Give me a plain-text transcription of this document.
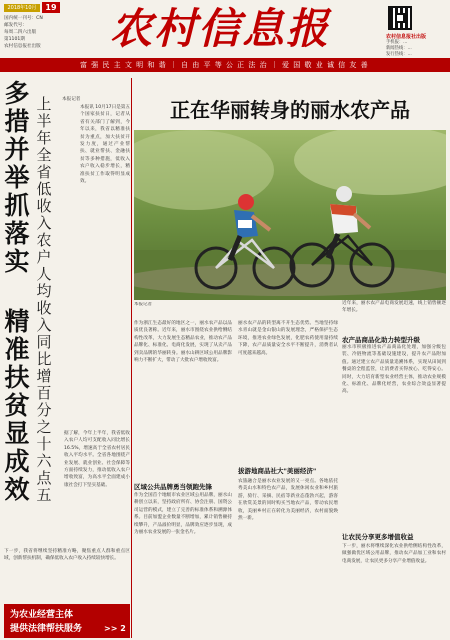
2018年10月	19
国内统一刊号：CN
邮发代号：
每周二四六出版
第1101期
农村信息报社出版	农村信息报	农村信息报社出版
手机报：…
新闻热线：…
发行热线：…
富 强 民 主 文 明 和 谐 ｜ 自 由 平 等 公 正 法 治 ｜ 爱 国 敬 业 诚 信 友 善
多措并举抓落实
上半年全省低收入农户人均收入同比增百分之十六点五
精准扶贫显成效
本报记者
本报讯 10月17日是第五个国家扶贫日，记者从省有关部门了解到，今年以来，我省以精准扶贫为重点，加大扶贫开发力度，通过产业帮扶、就业帮扶、金融扶贫等多种措施，低收入农户收入稳步增长，精准扶贫工作取得明显成效。
据了解，今年上半年，我省低收入农户人均可支配收入同比增长16.5%，增速高于全省农村居民收入平均水平。全省各地围绕产业发展、就业创业、社会保障等方面持续发力，推动低收入农户增收致富，为高水平全面建成小康社会打下坚实基础。
下一步，我省将继续坚持精准方略，聚焦重点人群和重点区域，创新帮扶机制，确保低收入农户收入持续较快增长。
为农业经营主体
提供法律帮扶服务	>> 2
正在华丽转身的丽水农产品
本报记者
作为浙江生态最好的地区之一，丽水农产品以品质优良著称。近年来，丽水市围绕农业供给侧结构性改革，大力发展生态精品农业，推动农产品品牌化、标准化、电商化发展，实现了从卖产品到卖品牌的华丽转身。丽水山耕区域公用品牌影响力不断扩大，带动了大批农户增收致富。
区域公共品牌勇当领跑先锋
作为全国首个地级市农业区域公用品牌，丽水山耕创立以来，坚持政府所有、协会注册、国资公司运营的模式，建立了完善的标准体系和溯源体系。目前加盟企业数量不断增加，累计销售额持续攀升，产品溢价明显，品牌效应逐步显现，成为丽水农业发展的一张金名片。
丽水农产品的转型离不开生态优势。当地坚持绿水青山就是金山银山的发展理念，严格保护生态环境，推进农业绿色发展，化肥农药使用量持续下降，农产品质量安全水平不断提升，消费者认可度越来越高。
拔游地商品社大"美丽经济"
农旅融合是丽水农业发展的又一亮点。各地依托秀美山水和特色农产品，发展休闲农业和乡村旅游，骑行、采摘、民宿等新业态蓬勃兴起，游客在欣赏美景的同时购买当地农产品，带动农民增收，美丽乡村正在转化为美丽经济，农村面貌焕然一新。
近年来，丽水农产品电商发展迅速，线上销售额逐年增长。
农产品商品化助力转型升级
丽水市积极推进农产品商品化处理，加强分级包装、冷链物流等基础设施建设，提升农产品附加值。通过建立农产品质量追溯体系，实现从田间到餐桌的全程监管，让消费者买得放心、吃得安心。同时，大力培育新型农业经营主体，推动农业规模化、标准化、品牌化经营，农业综合效益显著提高。
让农民分享更多增值收益
下一步，丽水将继续深化农业供给侧结构性改革，做强做优区域公用品牌，推动农产品加工业和农村电商发展，让农民更多分享产业增值收益。
